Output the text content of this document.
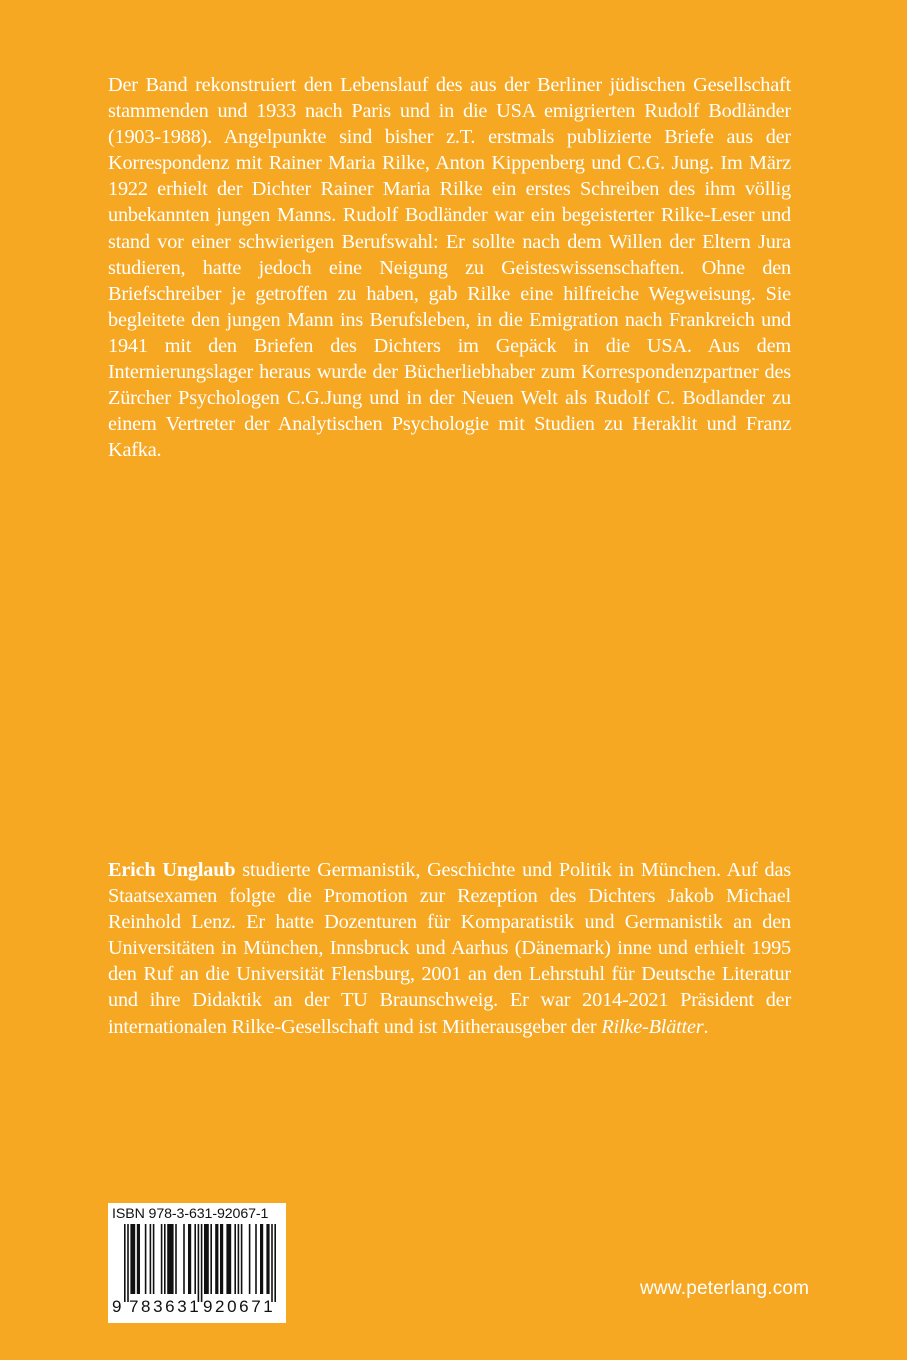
Der Band rekonstruiert den Lebenslauf des aus der Berliner jüdischen Gesellschaft stammenden und 1933 nach Paris und in die USA emigrierten Rudolf Bodländer (1903-1988). Angelpunkte sind bisher z.T. erstmals publizierte Briefe aus der Korrespondenz mit Rainer Maria Rilke, Anton Kippenberg und C.G. Jung. Im März 1922 erhielt der Dichter Rainer Maria Rilke ein erstes Schreiben des ihm völlig unbekannten jungen Manns. Rudolf Bodländer war ein begeisterter Rilke-Leser und stand vor einer schwierigen Berufswahl: Er sollte nach dem Willen der Eltern Jura studieren, hatte jedoch eine Neigung zu Geisteswissenschaften. Ohne den Briefschreiber je getroffen zu haben, gab Rilke eine hilfreiche Wegweisung. Sie begleitete den jungen Mann ins Berufsleben, in die Emigration nach Frankreich und 1941 mit den Briefen des Dichters im Gepäck in die USA. Aus dem Internierungslager heraus wurde der Bücherliebhaber zum Korrespondenzpartner des Zürcher Psychologen C.G.Jung und in der Neuen Welt als Rudolf C. Bodlander zu einem Vertreter der Analytischen Psychologie mit Studien zu Heraklit und Franz Kafka.

Erich Unglaub studierte Germanistik, Geschichte und Politik in München. Auf das Staatsexamen folgte die Promotion zur Rezeption des Dichters Jakob Michael Reinhold Lenz. Er hatte Dozenturen für Komparatistik und Germanistik an den Universitäten in München, Innsbruck und Aarhus (Dänemark) inne und erhielt 1995 den Ruf an die Universität Flensburg, 2001 an den Lehrstuhl für Deutsche Literatur und ihre Didaktik an der TU Braunschweig. Er war 2014-2021 Präsident der internationalen Rilke-Gesellschaft und ist Mitherausgeber der Rilke-Blätter.

ISBN 978-3-631-92067-1
9 783631 920671
www.peterlang.com
